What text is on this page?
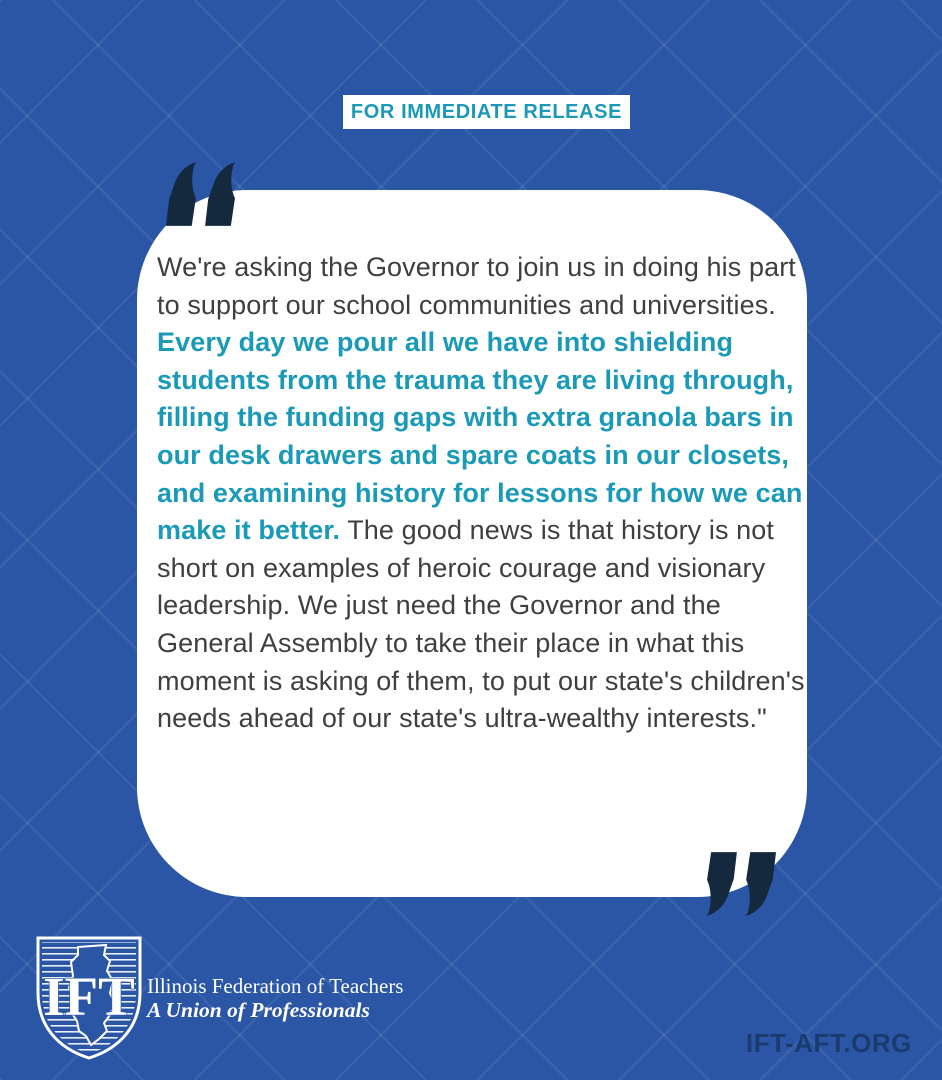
FOR IMMEDIATE RELEASE

We're asking the Governor to join us in doing his part to support our school communities and universities. Every day we pour all we have into shielding students from the trauma they are living through, filling the funding gaps with extra granola bars in our desk drawers and spare coats in our closets, and examining history for lessons for how we can make it better. The good news is that history is not short on examples of heroic courage and visionary leadership. We just need the Governor and the General Assembly to take their place in what this moment is asking of them, to put our state's children's needs ahead of our state's ultra-wealthy interests."

IFT Illinois Federation of Teachers
A Union of Professionals
IFT-AFT.ORG
